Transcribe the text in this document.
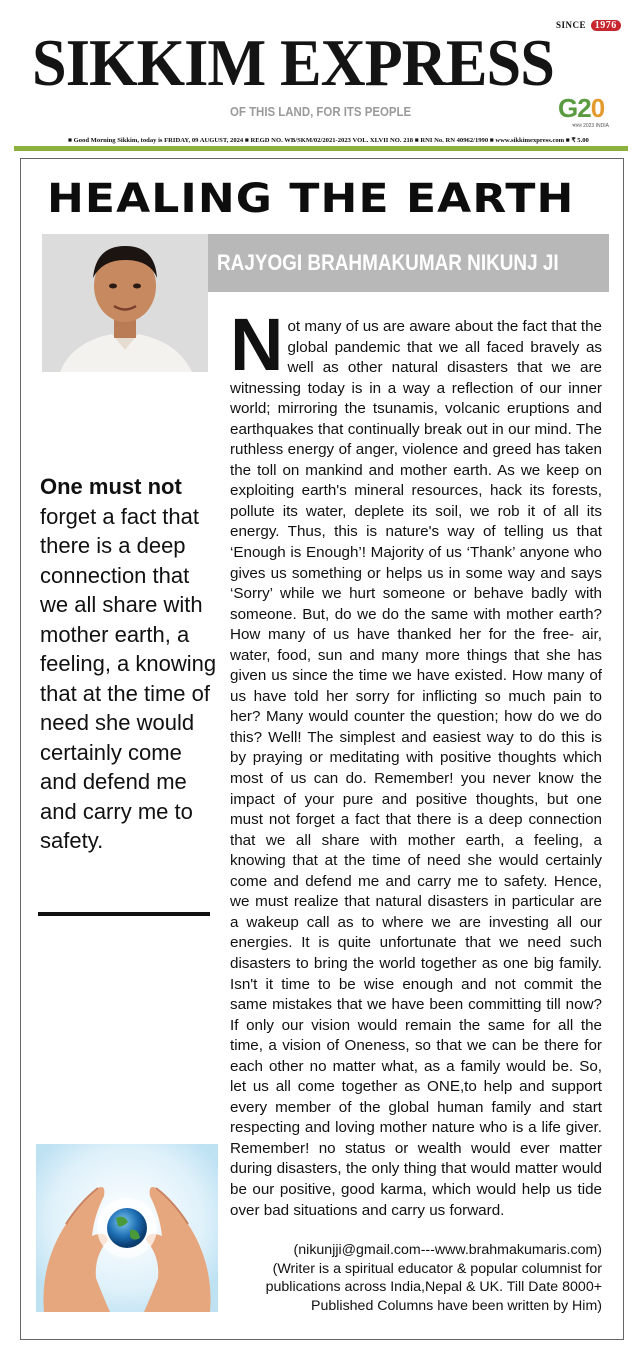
SINCE 1976
SIKKIM EXPRESS
OF THIS LAND, FOR ITS PEOPLE	G20
भारत 2023 INDIA
■ Good Morning Sikkim, today is FRIDAY, 09 AUGUST, 2024 ■ REGD NO. WB/SKM/02/2021-2023 VOL. XLVII NO. 218 ■ RNI No. RN 40962/1990 ■ www.sikkimexpress.com ■ ₹ 5.00
HEALING THE EARTH
RAJYOGI BRAHMAKUMAR NIKUNJ JI
One must not forget a fact that there is a deep connection that we all share with mother earth, a feeling, a knowing that at the time of need she would certainly come and defend me and carry me to safety.
N ot many of us are aware about the fact that the global pandemic that we all faced bravely as well as other natural disasters that we are witnessing today is in a way a reflection of our inner world; mirroring the tsunamis, volcanic eruptions and earthquakes that continually break out in our mind. The ruthless energy of anger, violence and greed has taken the toll on mankind and mother earth. As we keep on exploiting earth's mineral resources, hack its forests, pollute its water, deplete its soil, we rob it of all its energy. Thus, this is nature's way of telling us that ‘Enough is Enough’! Majority of us ‘Thank’ anyone who gives us something or helps us in some way and says ‘Sorry’ while we hurt someone or behave badly with someone. But, do we do the same with mother earth? How many of us have thanked her for the free- air, water, food, sun and many more things that she has given us since the time we have existed. How many of us have told her sorry for inflicting so much pain to her? Many would counter the question; how do we do this? Well! The simplest and easiest way to do this is by praying or meditating with positive thoughts which most of us can do. Remember! you never know the impact of your pure and positive thoughts, but one must not forget a fact that there is a deep connection that we all share with mother earth, a feeling, a knowing that at the time of need she would certainly come and defend me and carry me to safety. Hence, we must realize that natural disasters in particular are a wakeup call as to where we are investing all our energies. It is quite unfortunate that we need such disasters to bring the world together as one big family. Isn't it time to be wise enough and not commit the same mistakes that we have been committing till now? If only our vision would remain the same for all the time, a vision of Oneness, so that we can be there for each other no matter what, as a family would be. So, let us all come together as ONE,to help and support every member of the global human family and start respecting and loving mother nature who is a life giver. Remember! no status or wealth would ever matter during disasters, the only thing that would matter would be our positive, good karma, which would help us tide over bad situations and carry us forward.
(nikunjji@gmail.com---www.brahmakumaris.com)
(Writer is a spiritual educator & popular columnist for
publications across India,Nepal & UK. Till Date 8000+
Published Columns have been written by Him)
